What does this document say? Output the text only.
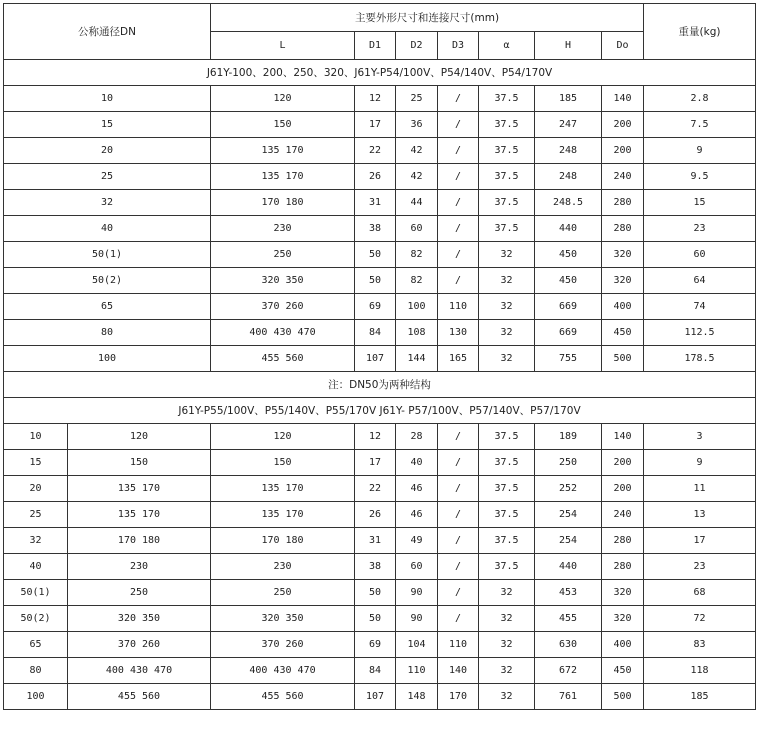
公称通径DN		主要外形尺寸和连接尺寸(mm)							重量(kg)
		L	D1	D2	D3	α	H	Do	
J61Y-100、200、250、320、J61Y-P54/100V、P54/140V、P54/170V									
10		120	12	25	/	37.5	185	140	2.8
15		150	17	36	/	37.5	247	200	7.5
20		135 170	22	42	/	37.5	248	200	9
25		135 170	26	42	/	37.5	248	240	9.5
32		170 180	31	44	/	37.5	248.5	280	15
40		230	38	60	/	37.5	440	280	23
50(1)		250	50	82	/	32	450	320	60
50(2)		320 350	50	82	/	32	450	320	64
65		370 260	69	100	110	32	669	400	74
80		400 430 470	84	108	130	32	669	450	112.5
100		455 560	107	144	165	32	755	500	178.5
注：DN50为两种结构									
J61Y-P55/100V、P55/140V、P55/170V J61Y- P57/100V、P57/140V、P57/170V									
10	120	120	12	28	/	37.5	189	140	3
15	150	150	17	40	/	37.5	250	200	9
20	135 170	135 170	22	46	/	37.5	252	200	11
25	135 170	135 170	26	46	/	37.5	254	240	13
32	170 180	170 180	31	49	/	37.5	254	280	17
40	230	230	38	60	/	37.5	440	280	23
50(1)	250	250	50	90	/	32	453	320	68
50(2)	320 350	320 350	50	90	/	32	455	320	72
65	370 260	370 260	69	104	110	32	630	400	83
80	400 430 470	400 430 470	84	110	140	32	672	450	118
100	455 560	455 560	107	148	170	32	761	500	185
